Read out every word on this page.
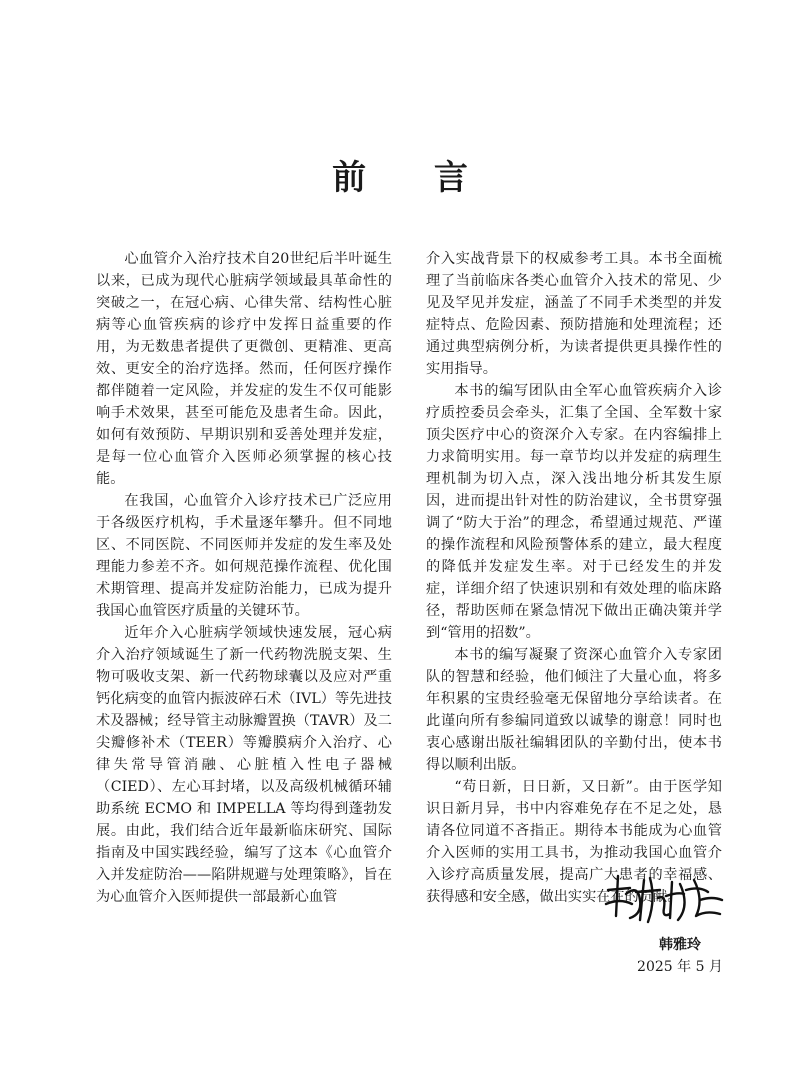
前 言

心血管介入治疗技术自20世纪后半叶诞生以来，已成为现代心脏病学领域最具革命性的突破之一，在冠心病、心律失常、结构性心脏病等心血管疾病的诊疗中发挥日益重要的作用，为无数患者提供了更微创、更精准、更高效、更安全的治疗选择。然而，任何医疗操作都伴随着一定风险，并发症的发生不仅可能影响手术效果，甚至可能危及患者生命。因此，如何有效预防、早期识别和妥善处理并发症，是每一位心血管介入医师必须掌握的核心技能。

在我国，心血管介入诊疗技术已广泛应用于各级医疗机构，手术量逐年攀升。但不同地区、不同医院、不同医师并发症的发生率及处理能力参差不齐。如何规范操作流程、优化围术期管理、提高并发症防治能力，已成为提升我国心血管医疗质量的关键环节。

近年介入心脏病学领域快速发展，冠心病介入治疗领域诞生了新一代药物洗脱支架、生物可吸收支架、新一代药物球囊以及应对严重钙化病变的血管内振波碎石术（IVL）等先进技术及器械；经导管主动脉瓣置换（TAVR）及二尖瓣修补术（TEER）等瓣膜病介入治疗、心律失常导管消融、心脏植入性电子器械（CIED）、左心耳封堵，以及高级机械循环辅助系统 ECMO 和 IMPELLA 等均得到蓬勃发展。由此，我们结合近年最新临床研究、国际指南及中国实践经验，编写了这本《心血管介入并发症防治——陷阱规避与处理策略》，旨在为心血管介入医师提供一部最新心血管

介入实战背景下的权威参考工具。本书全面梳理了当前临床各类心血管介入技术的常见、少见及罕见并发症，涵盖了不同手术类型的并发症特点、危险因素、预防措施和处理流程；还通过典型病例分析，为读者提供更具操作性的实用指导。

本书的编写团队由全军心血管疾病介入诊疗质控委员会牵头，汇集了全国、全军数十家顶尖医疗中心的资深介入专家。在内容编排上力求简明实用。每一章节均以并发症的病理生理机制为切入点，深入浅出地分析其发生原因，进而提出针对性的防治建议，全书贯穿强调了“防大于治”的理念，希望通过规范、严谨的操作流程和风险预警体系的建立，最大程度的降低并发症发生率。对于已经发生的并发症，详细介绍了快速识别和有效处理的临床路径，帮助医师在紧急情况下做出正确决策并学到“管用的招数”。

本书的编写凝聚了资深心血管介入专家团队的智慧和经验，他们倾注了大量心血，将多年积累的宝贵经验毫无保留地分享给读者。在此谨向所有参编同道致以诚挚的谢意！同时也衷心感谢出版社编辑团队的辛勤付出，使本书得以顺利出版。

“苟日新，日日新，又日新”。由于医学知识日新月异，书中内容难免存在不足之处，恳请各位同道不吝指正。期待本书能成为心血管介入医师的实用工具书，为推动我国心血管介入诊疗高质量发展，提高广大患者的幸福感、获得感和安全感，做出实实在在的贡献。

韩雅玲
2025 年 5 月
